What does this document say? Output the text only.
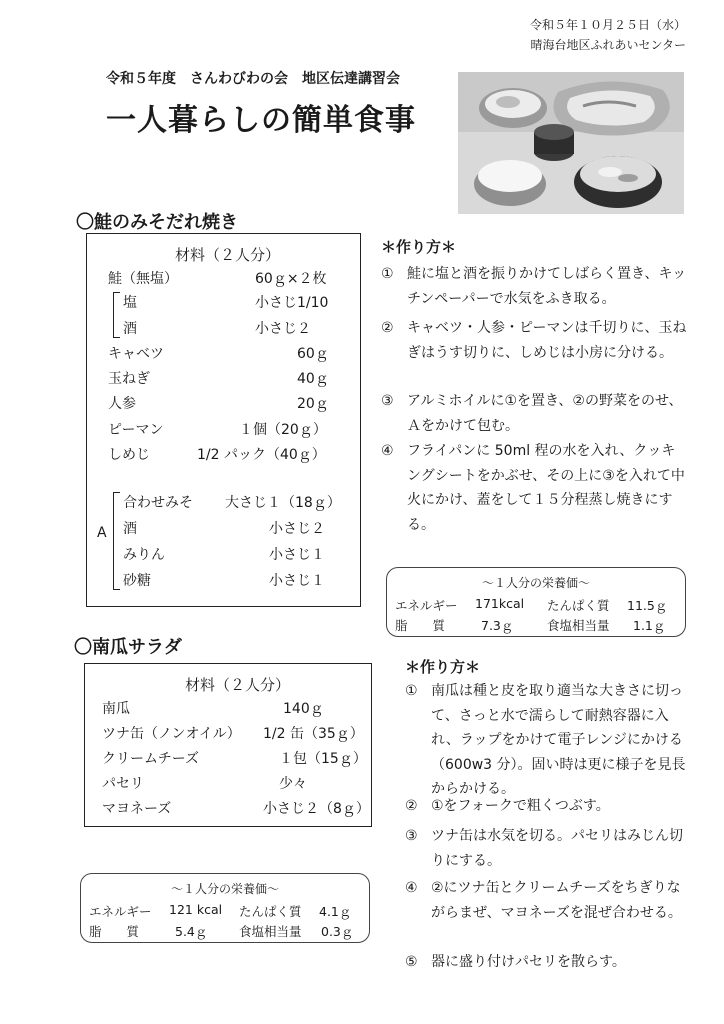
令和５年１０月２５日（水）
晴海台地区ふれあいセンター
令和５年度　さんわびわの会　地区伝達講習会
一人暮らしの簡単食事
〇鮭のみそだれ焼き
材料（２人分）
鮭（無塩）	60ｇ×２枚
塩	小さじ1/10
酒	小さじ２
キャベツ	60ｇ
玉ねぎ	40ｇ
人参	20ｇ
ピーマン	１個（20ｇ）
しめじ	1/2 パック（40ｇ）
A
合わせみそ 大さじ１（18ｇ）
酒	小さじ２
みりん	小さじ１
砂糖	小さじ１
＊作り方＊
① 鮭に塩と酒を振りかけてしばらく置き、キッチンペーパーで水気をふき取る。
② キャベツ・人参・ピーマンは千切りに、玉ねぎはうす切りに、しめじは小房に分ける。
③ アルミホイルに①を置き、②の野菜をのせ、Ａをかけて包む。
④ フライパンに 50ml 程の水を入れ、クッキングシートをかぶせ、その上に③を入れて中火にかけ、蓋をして１５分程蒸し焼きにする。
～１人分の栄養価～
エネルギー 171kcal たんぱく質 11.5ｇ
脂　　質	7.3ｇ	食塩相当量 1.1ｇ
〇南瓜サラダ
材料（２人分）
南瓜	140ｇ
ツナ缶（ノンオイル） 1/2 缶（35ｇ）
クリームチーズ	１包（15ｇ）
パセリ	少々
マヨネーズ	小さじ２（8ｇ）
＊作り方＊
① 南瓜は種と皮を取り適当な大きさに切って、さっと水で濡らして耐熱容器に入れ、ラップをかけて電子レンジにかける（600w3 分）。固い時は更に様子を見長からかける。
② ①をフォークで粗くつぶす。
③ ツナ缶は水気を切る。パセリはみじん切りにする。
④ ②にツナ缶とクリームチーズをちぎりながらまぜ、マヨネーズを混ぜ合わせる。
⑤ 器に盛り付けパセリを散らす。
～１人分の栄養価～
エネルギー 121 kcal たんぱく質 4.1ｇ
脂　　質	5.4ｇ	食塩相当量 0.3ｇ
